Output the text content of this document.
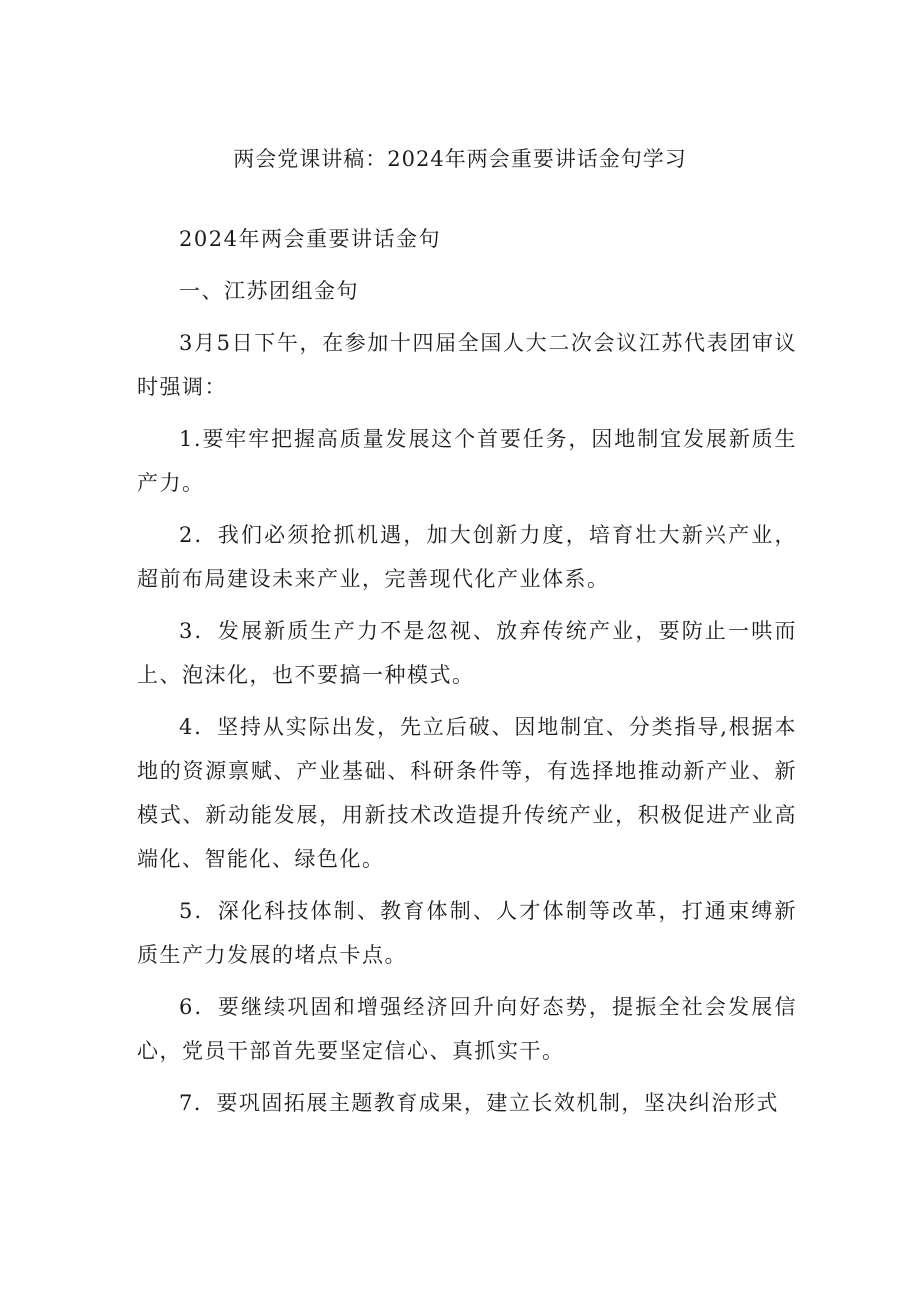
两会党课讲稿：2024年两会重要讲话金句学习

2024年两会重要讲话金句

一、江苏团组金句

3月5日下午，在参加十四届全国人大二次会议江苏代表团审议时强调：

1.要牢牢把握高质量发展这个首要任务，因地制宜发展新质生产力。

2．我们必须抢抓机遇，加大创新力度，培育壮大新兴产业，超前布局建设未来产业，完善现代化产业体系。

3．发展新质生产力不是忽视、放弃传统产业，要防止一哄而上、泡沫化，也不要搞一种模式。

4．坚持从实际出发，先立后破、因地制宜、分类指导,根据本地的资源禀赋、产业基础、科研条件等，有选择地推动新产业、新模式、新动能发展，用新技术改造提升传统产业，积极促进产业高端化、智能化、绿色化。

5．深化科技体制、教育体制、人才体制等改革，打通束缚新质生产力发展的堵点卡点。

6．要继续巩固和增强经济回升向好态势，提振全社会发展信心，党员干部首先要坚定信心、真抓实干。

7．要巩固拓展主题教育成果，建立长效机制，坚决纠治形式
